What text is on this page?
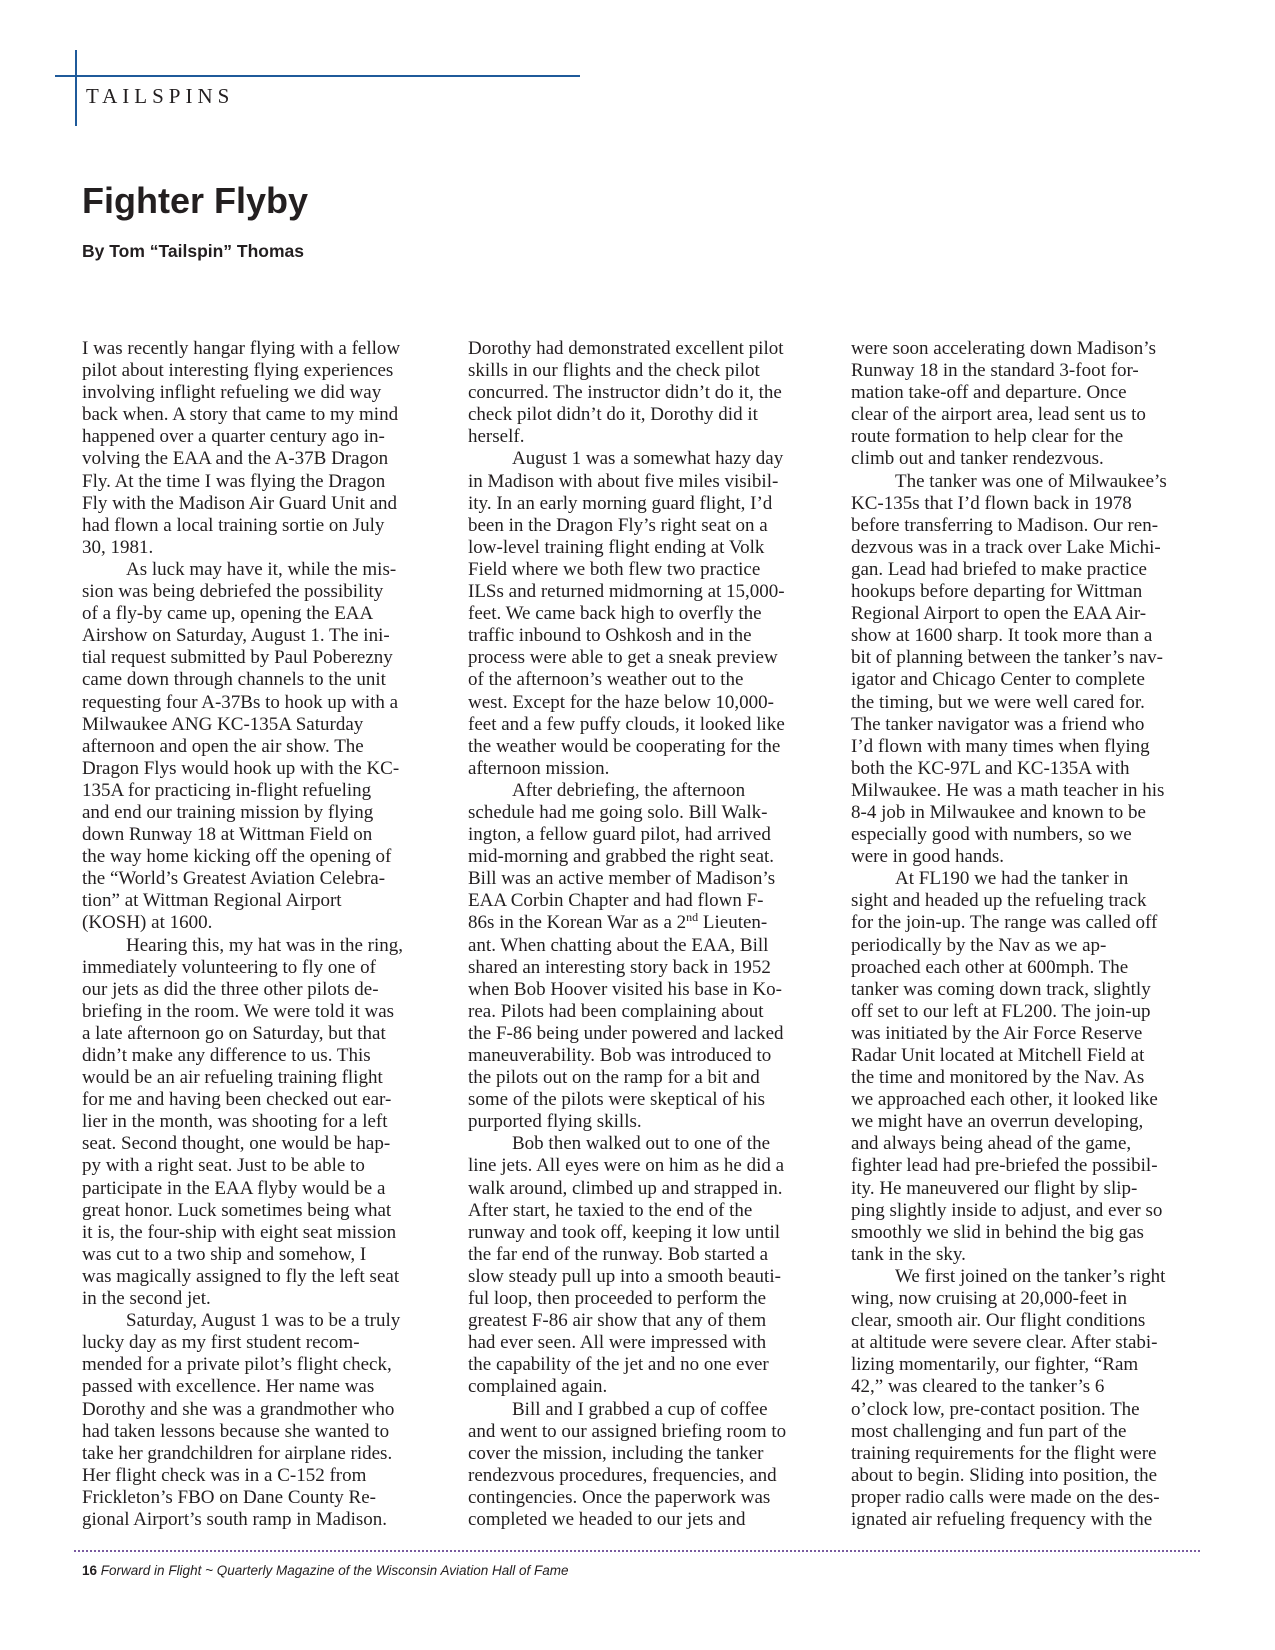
TAILSPINS
Fighter Flyby
By Tom “Tailspin” Thomas
I was recently hangar flying with a fellow
pilot about interesting flying experiences
involving inflight refueling we did way
back when. A story that came to my mind
happened over a quarter century ago in-
volving the EAA and the A-37B Dragon
Fly. At the time I was flying the Dragon
Fly with the Madison Air Guard Unit and
had flown a local training sortie on July
30, 1981.
As luck may have it, while the mis-
sion was being debriefed the possibility
of a fly-by came up, opening the EAA
Airshow on Saturday, August 1. The ini-
tial request submitted by Paul Poberezny
came down through channels to the unit
requesting four A-37Bs to hook up with a
Milwaukee ANG KC-135A Saturday
afternoon and open the air show. The
Dragon Flys would hook up with the KC-
135A for practicing in-flight refueling
and end our training mission by flying
down Runway 18 at Wittman Field on
the way home kicking off the opening of
the “World’s Greatest Aviation Celebra-
tion” at Wittman Regional Airport
(KOSH) at 1600.
Hearing this, my hat was in the ring,
immediately volunteering to fly one of
our jets as did the three other pilots de-
briefing in the room. We were told it was
a late afternoon go on Saturday, but that
didn’t make any difference to us. This
would be an air refueling training flight
for me and having been checked out ear-
lier in the month, was shooting for a left
seat. Second thought, one would be hap-
py with a right seat. Just to be able to
participate in the EAA flyby would be a
great honor. Luck sometimes being what
it is, the four-ship with eight seat mission
was cut to a two ship and somehow, I
was magically assigned to fly the left seat
in the second jet.
Saturday, August 1 was to be a truly
lucky day as my first student recom-
mended for a private pilot’s flight check,
passed with excellence. Her name was
Dorothy and she was a grandmother who
had taken lessons because she wanted to
take her grandchildren for airplane rides.
Her flight check was in a C-152 from
Frickleton’s FBO on Dane County Re-
gional Airport’s south ramp in Madison.
Dorothy had demonstrated excellent pilot
skills in our flights and the check pilot
concurred. The instructor didn’t do it, the
check pilot didn’t do it, Dorothy did it
herself.
August 1 was a somewhat hazy day
in Madison with about five miles visibil-
ity. In an early morning guard flight, I’d
been in the Dragon Fly’s right seat on a
low-level training flight ending at Volk
Field where we both flew two practice
ILSs and returned midmorning at 15,000-
feet. We came back high to overfly the
traffic inbound to Oshkosh and in the
process were able to get a sneak preview
of the afternoon’s weather out to the
west. Except for the haze below 10,000-
feet and a few puffy clouds, it looked like
the weather would be cooperating for the
afternoon mission.
After debriefing, the afternoon
schedule had me going solo. Bill Walk-
ington, a fellow guard pilot, had arrived
mid-morning and grabbed the right seat.
Bill was an active member of Madison’s
EAA Corbin Chapter and had flown F-
86s in the Korean War as a 2nd Lieuten-
ant. When chatting about the EAA, Bill
shared an interesting story back in 1952
when Bob Hoover visited his base in Ko-
rea. Pilots had been complaining about
the F-86 being under powered and lacked
maneuverability. Bob was introduced to
the pilots out on the ramp for a bit and
some of the pilots were skeptical of his
purported flying skills.
Bob then walked out to one of the
line jets. All eyes were on him as he did a
walk around, climbed up and strapped in.
After start, he taxied to the end of the
runway and took off, keeping it low until
the far end of the runway. Bob started a
slow steady pull up into a smooth beauti-
ful loop, then proceeded to perform the
greatest F-86 air show that any of them
had ever seen. All were impressed with
the capability of the jet and no one ever
complained again.
Bill and I grabbed a cup of coffee
and went to our assigned briefing room to
cover the mission, including the tanker
rendezvous procedures, frequencies, and
contingencies. Once the paperwork was
completed we headed to our jets and
were soon accelerating down Madison’s
Runway 18 in the standard 3-foot for-
mation take-off and departure. Once
clear of the airport area, lead sent us to
route formation to help clear for the
climb out and tanker rendezvous.
The tanker was one of Milwaukee’s
KC-135s that I’d flown back in 1978
before transferring to Madison. Our ren-
dezvous was in a track over Lake Michi-
gan. Lead had briefed to make practice
hookups before departing for Wittman
Regional Airport to open the EAA Air-
show at 1600 sharp. It took more than a
bit of planning between the tanker’s nav-
igator and Chicago Center to complete
the timing, but we were well cared for.
The tanker navigator was a friend who
I’d flown with many times when flying
both the KC-97L and KC-135A with
Milwaukee. He was a math teacher in his
8-4 job in Milwaukee and known to be
especially good with numbers, so we
were in good hands.
At FL190 we had the tanker in
sight and headed up the refueling track
for the join-up. The range was called off
periodically by the Nav as we ap-
proached each other at 600mph. The
tanker was coming down track, slightly
off set to our left at FL200. The join-up
was initiated by the Air Force Reserve
Radar Unit located at Mitchell Field at
the time and monitored by the Nav. As
we approached each other, it looked like
we might have an overrun developing,
and always being ahead of the game,
fighter lead had pre-briefed the possibil-
ity. He maneuvered our flight by slip-
ping slightly inside to adjust, and ever so
smoothly we slid in behind the big gas
tank in the sky.
We first joined on the tanker’s right
wing, now cruising at 20,000-feet in
clear, smooth air. Our flight conditions
at altitude were severe clear. After stabi-
lizing momentarily, our fighter, “Ram
42,” was cleared to the tanker’s 6
o’clock low, pre-contact position. The
most challenging and fun part of the
training requirements for the flight were
about to begin. Sliding into position, the
proper radio calls were made on the des-
ignated air refueling frequency with the
16 Forward in Flight ~ Quarterly Magazine of the Wisconsin Aviation Hall of Fame
